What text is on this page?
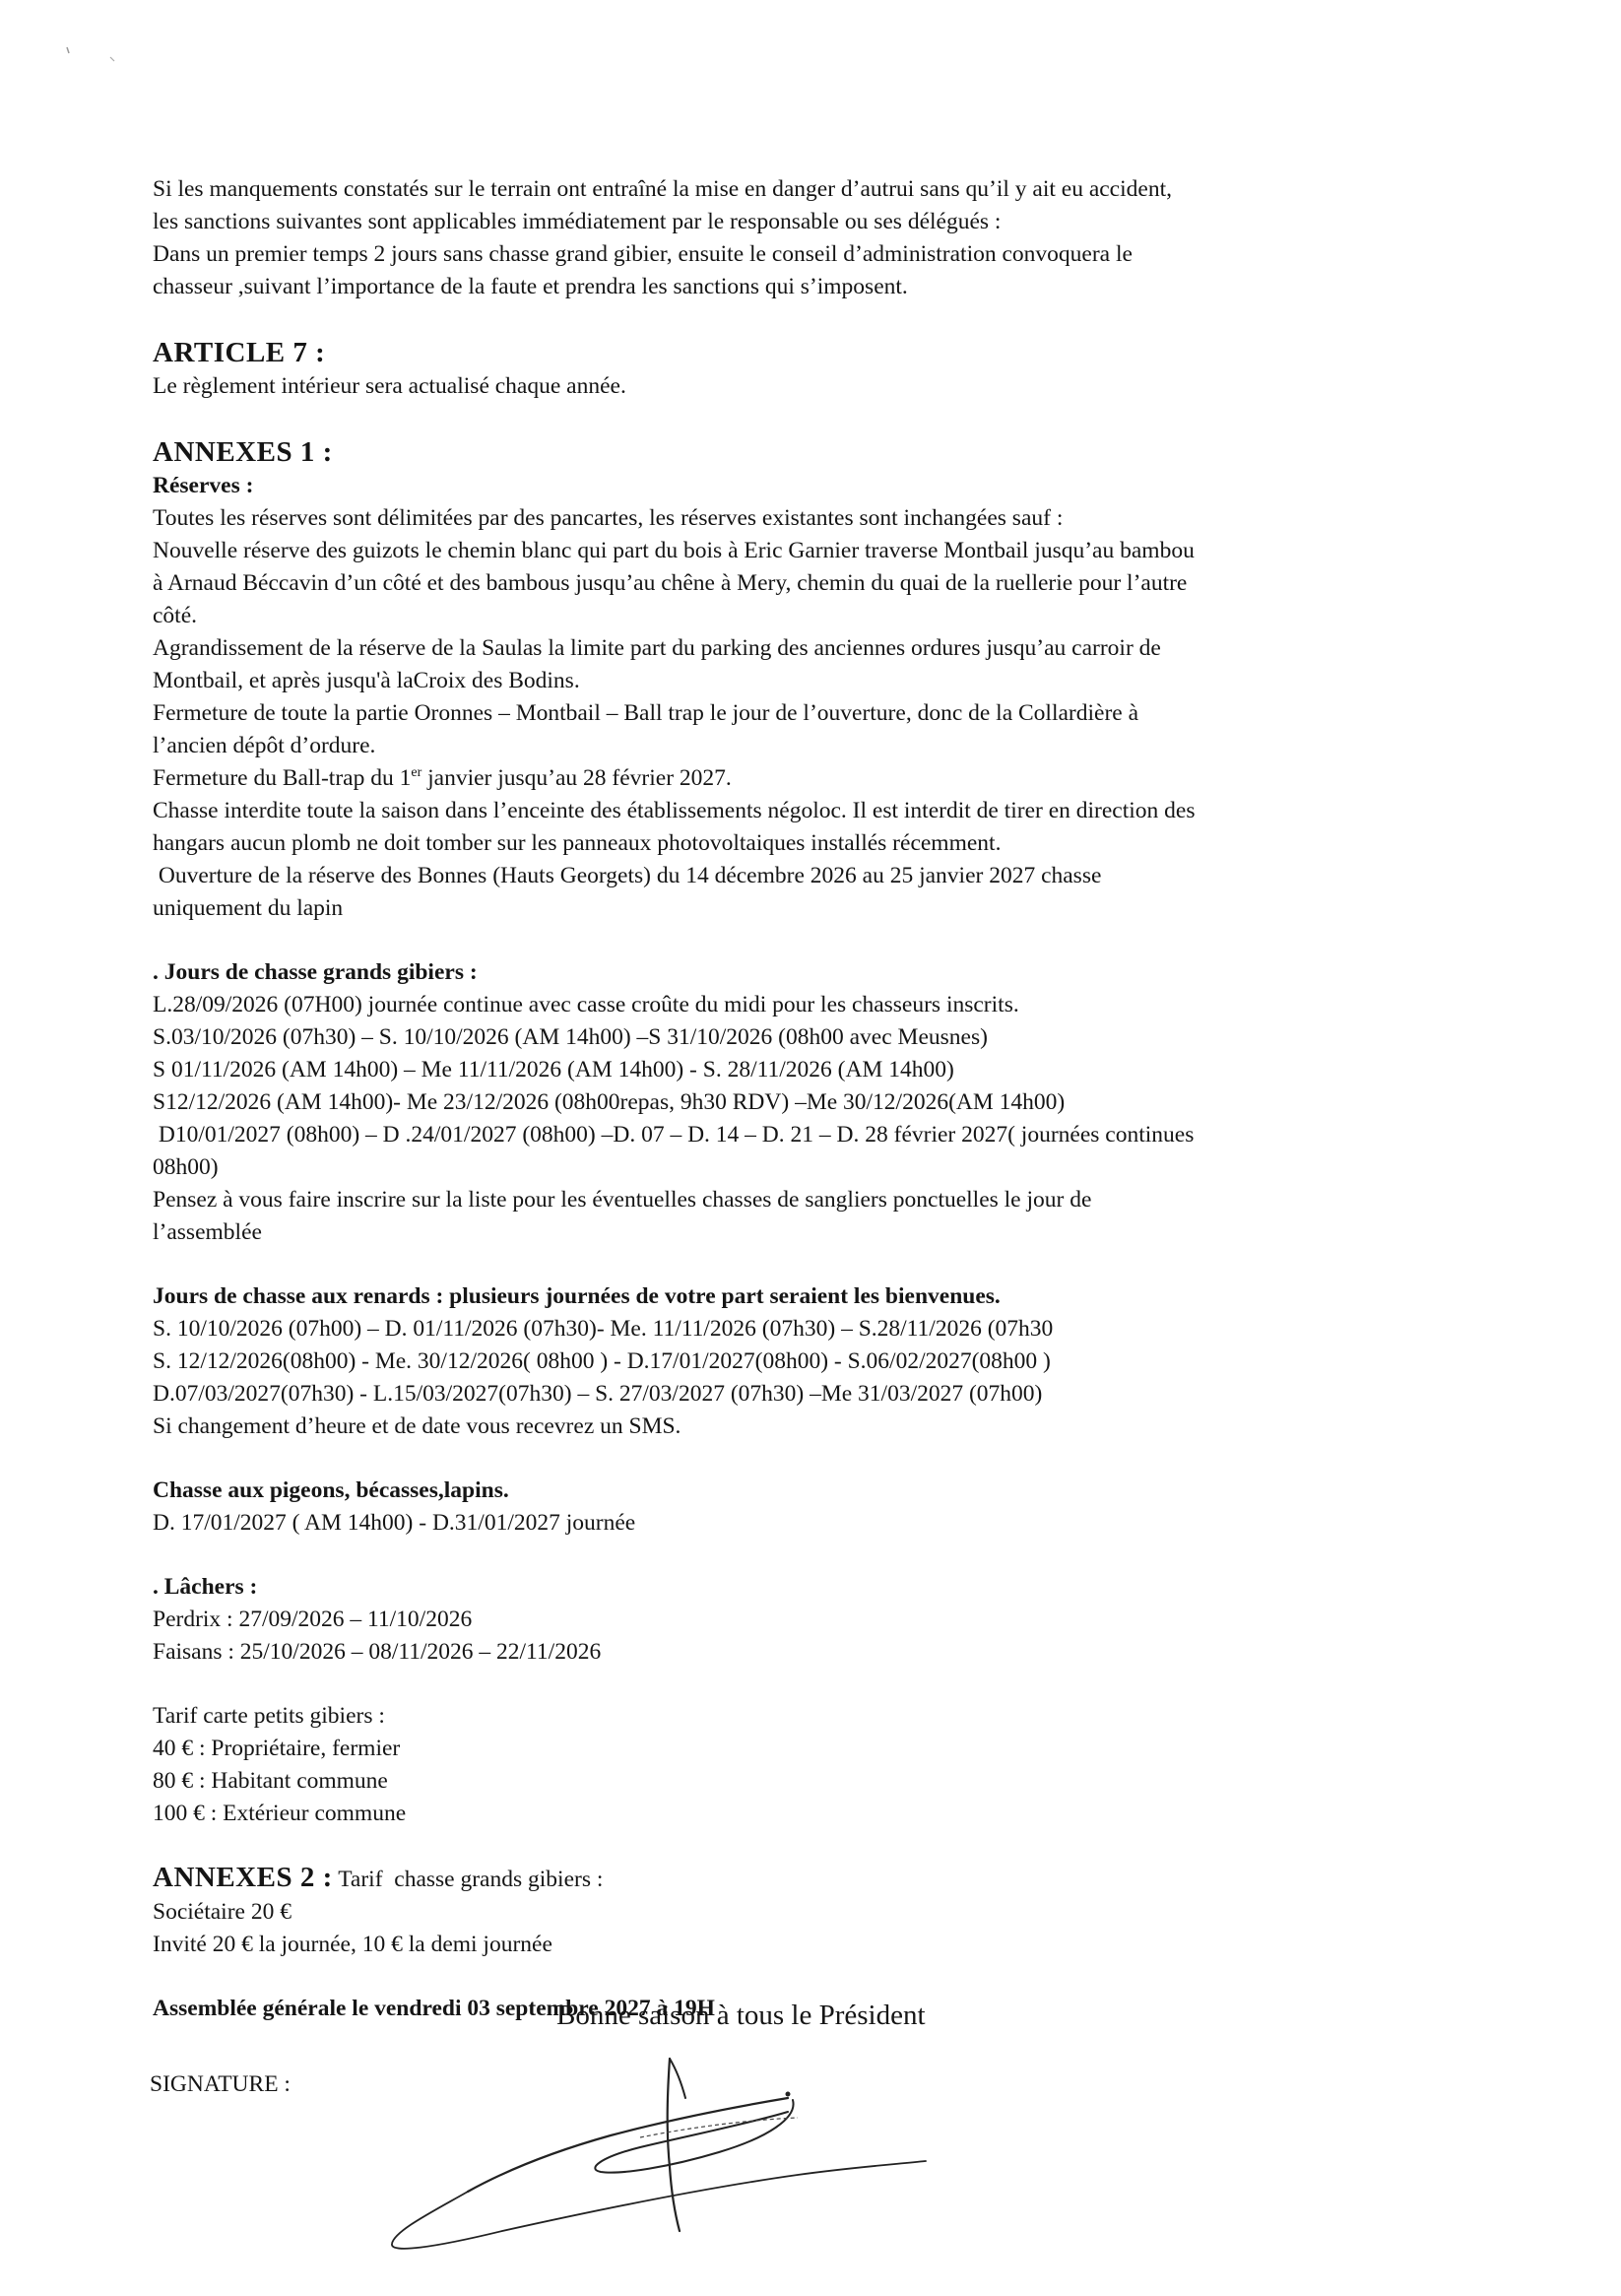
Si les manquements constatés sur le terrain ont entraîné la mise en danger d’autrui sans qu’il y ait eu accident,

les sanctions suivantes sont applicables immédiatement par le responsable ou ses délégués :

Dans un premier temps 2 jours sans chasse grand gibier, ensuite le conseil d’administration convoquera le

chasseur ,suivant l’importance de la faute et prendra les sanctions qui s’imposent.

ARTICLE 7 :

Le règlement intérieur sera actualisé chaque année.

ANNEXES 1 :

Réserves :

Toutes les réserves sont délimitées par des pancartes, les réserves existantes sont inchangées sauf :

Nouvelle réserve des guizots le chemin blanc qui part du bois à Eric Garnier traverse Montbail jusqu’au bambou

à Arnaud Béccavin d’un côté et des bambous jusqu’au chêne à Mery, chemin du quai de la ruellerie pour l’autre

côté.

Agrandissement de la réserve de la Saulas la limite part du parking des anciennes ordures jusqu’au carroir de

Montbail, et après jusqu'à laCroix des Bodins.

Fermeture de toute la partie Oronnes – Montbail – Ball trap le jour de l’ouverture, donc de la Collardière à

l’ancien dépôt d’ordure.

Fermeture du Ball-trap du 1er janvier jusqu’au 28 février 2027.

Chasse interdite toute la saison dans l’enceinte des établissements négoloc. Il est interdit de tirer en direction des

hangars aucun plomb ne doit tomber sur les panneaux photovoltaiques installés récemment.

Ouverture de la réserve des Bonnes (Hauts Georgets) du 14 décembre 2026 au 25 janvier 2027 chasse

uniquement du lapin

. Jours de chasse grands gibiers :

L.28/09/2026 (07H00) journée continue avec casse croûte du midi pour les chasseurs inscrits.

S.03/10/2026 (07h30) – S. 10/10/2026 (AM 14h00) –S 31/10/2026 (08h00 avec Meusnes)

S 01/11/2026 (AM 14h00) – Me 11/11/2026 (AM 14h00) - S. 28/11/2026 (AM 14h00)

S12/12/2026 (AM 14h00)- Me 23/12/2026 (08h00repas, 9h30 RDV) –Me 30/12/2026(AM 14h00)

D10/01/2027 (08h00) – D .24/01/2027 (08h00) –D. 07 – D. 14 – D. 21 – D. 28 février 2027( journées continues

08h00)

Pensez à vous faire inscrire sur la liste pour les éventuelles chasses de sangliers ponctuelles le jour de

l’assemblée

Jours de chasse aux renards : plusieurs journées de votre part seraient les bienvenues.

S. 10/10/2026 (07h00) – D. 01/11/2026 (07h30)- Me. 11/11/2026 (07h30) – S.28/11/2026 (07h30

S. 12/12/2026(08h00) - Me. 30/12/2026( 08h00 ) - D.17/01/2027(08h00) - S.06/02/2027(08h00 )

D.07/03/2027(07h30) - L.15/03/2027(07h30) – S. 27/03/2027 (07h30) –Me 31/03/2027 (07h00)

Si changement d’heure et de date vous recevrez un SMS.

Chasse aux pigeons, bécasses,lapins.

D. 17/01/2027 ( AM 14h00) - D.31/01/2027 journée

. Lâchers :

Perdrix : 27/09/2026 – 11/10/2026

Faisans : 25/10/2026 – 08/11/2026 – 22/11/2026

Tarif carte petits gibiers :

40 € : Propriétaire, fermier

80 € : Habitant commune

100 € : Extérieur commune

ANNEXES 2 : Tarif  chasse grands gibiers :

Sociétaire 20 €

Invité 20 € la journée, 10 € la demi journée

Assemblée générale le vendredi 03 septembre 2027 à 19H

Bonne saison à tous le Président
SIGNATURE :
